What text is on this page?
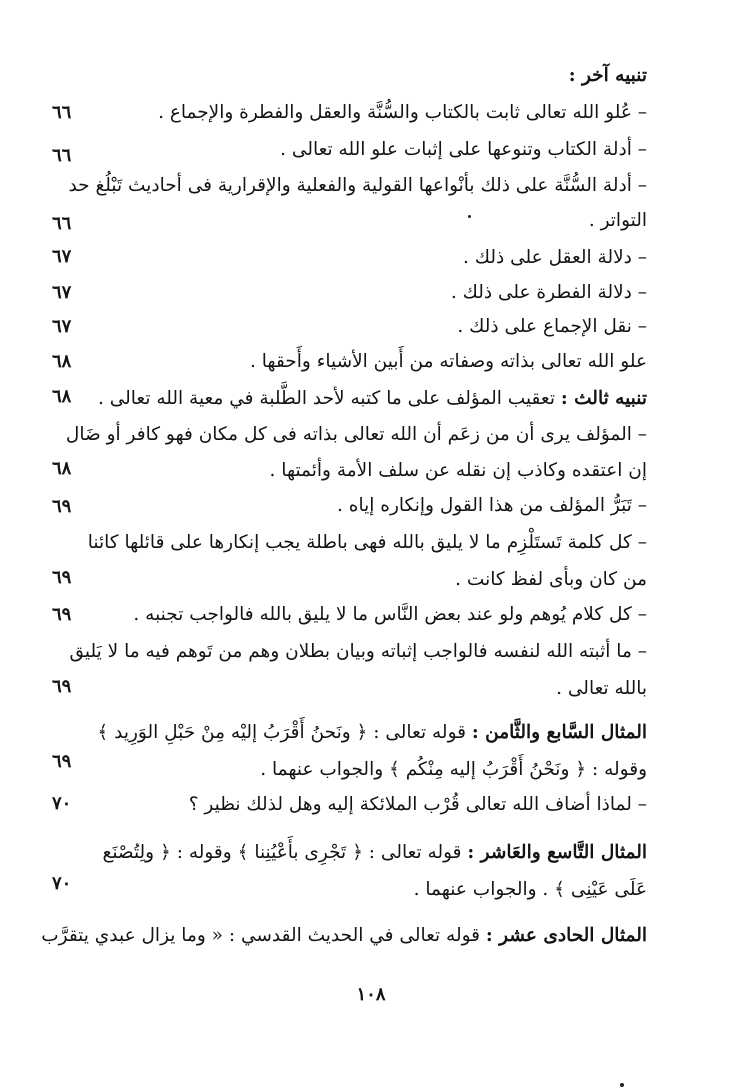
تنبيه آخر :
– عُلو الله تعالى ثابت بالكتاب والسُّنَّة والعقل والفطرة والإجماع .
٦٦
– أدلة الكتاب وتنوعها على إثبات علو الله تعالى .
٦٦
– أدلة السُّنَّة على ذلك بأنْواعها القولية والفعلية والإقرارية فى أحاديث تَبْلُغ حد
التواتر .
٦٦
– دلالة العقل على ذلك .
٦٧
– دلالة الفطرة على ذلك .
٦٧
– نقل الإجماع على ذلك .
٦٧
علو الله تعالى بذاته وصفاته من أَبين الأشياء وأَحقها .
٦٨
تنبيه ثالث : تعقيب المؤلف على ما كتبه لأحد الطَّلبة في معية الله تعالى .
٦٨
– المؤلف يرى أن من زعَم أن الله تعالى بذاته فى كل مكان فهو كافر أو ضَال
إن اعتقده وكاذب إن نقله عن سلف الأمة وأئمتها .
٦٨
– تَبَرُّ المؤلف من هذا القول وإنكاره إياه .
٦٩
– كل كلمة تَستَلْزِم ما لا يليق بالله فهى باطلة يجب إنكارها على قائلها كائنا
من كان وبأى لفظ كانت .
٦٩
– كل كلام يُوهم ولو عند بعض النَّاس ما لا يليق بالله فالواجب تجنبه .
٦٩
– ما أثبته الله لنفسه فالواجب إثباته وبيان بطلان وهم من تَوهم فيه ما لا يَليق
بالله تعالى .
٦٩
المثال السَّابع والثَّامن : قوله تعالى : ﴿ ونَحنُ أَقْرَبُ إليْه مِنْ حَبْلِ الوَرِيد ﴾
وقوله : ﴿ ونَحْنُ أَقْرَبُ إليه مِنْكُم ﴾ والجواب عنهما .
٦٩
– لماذا أضاف الله تعالى قُرْب الملائكة إليه وهل لذلك نظير ؟
٧٠
المثال التَّاسع والعَاشر : قوله تعالى : ﴿ تَجْرِى بأَعْيُنِنا ﴾ وقوله : ﴿ ولِتُصْنَع
عَلَى عَيْنِى ﴾ . والجواب عنهما .
٧٠
المثال الحادى عشر : قوله تعالى في الحديث القدسي : « وما يزال عبدي يتقرَّب
١٠٨
